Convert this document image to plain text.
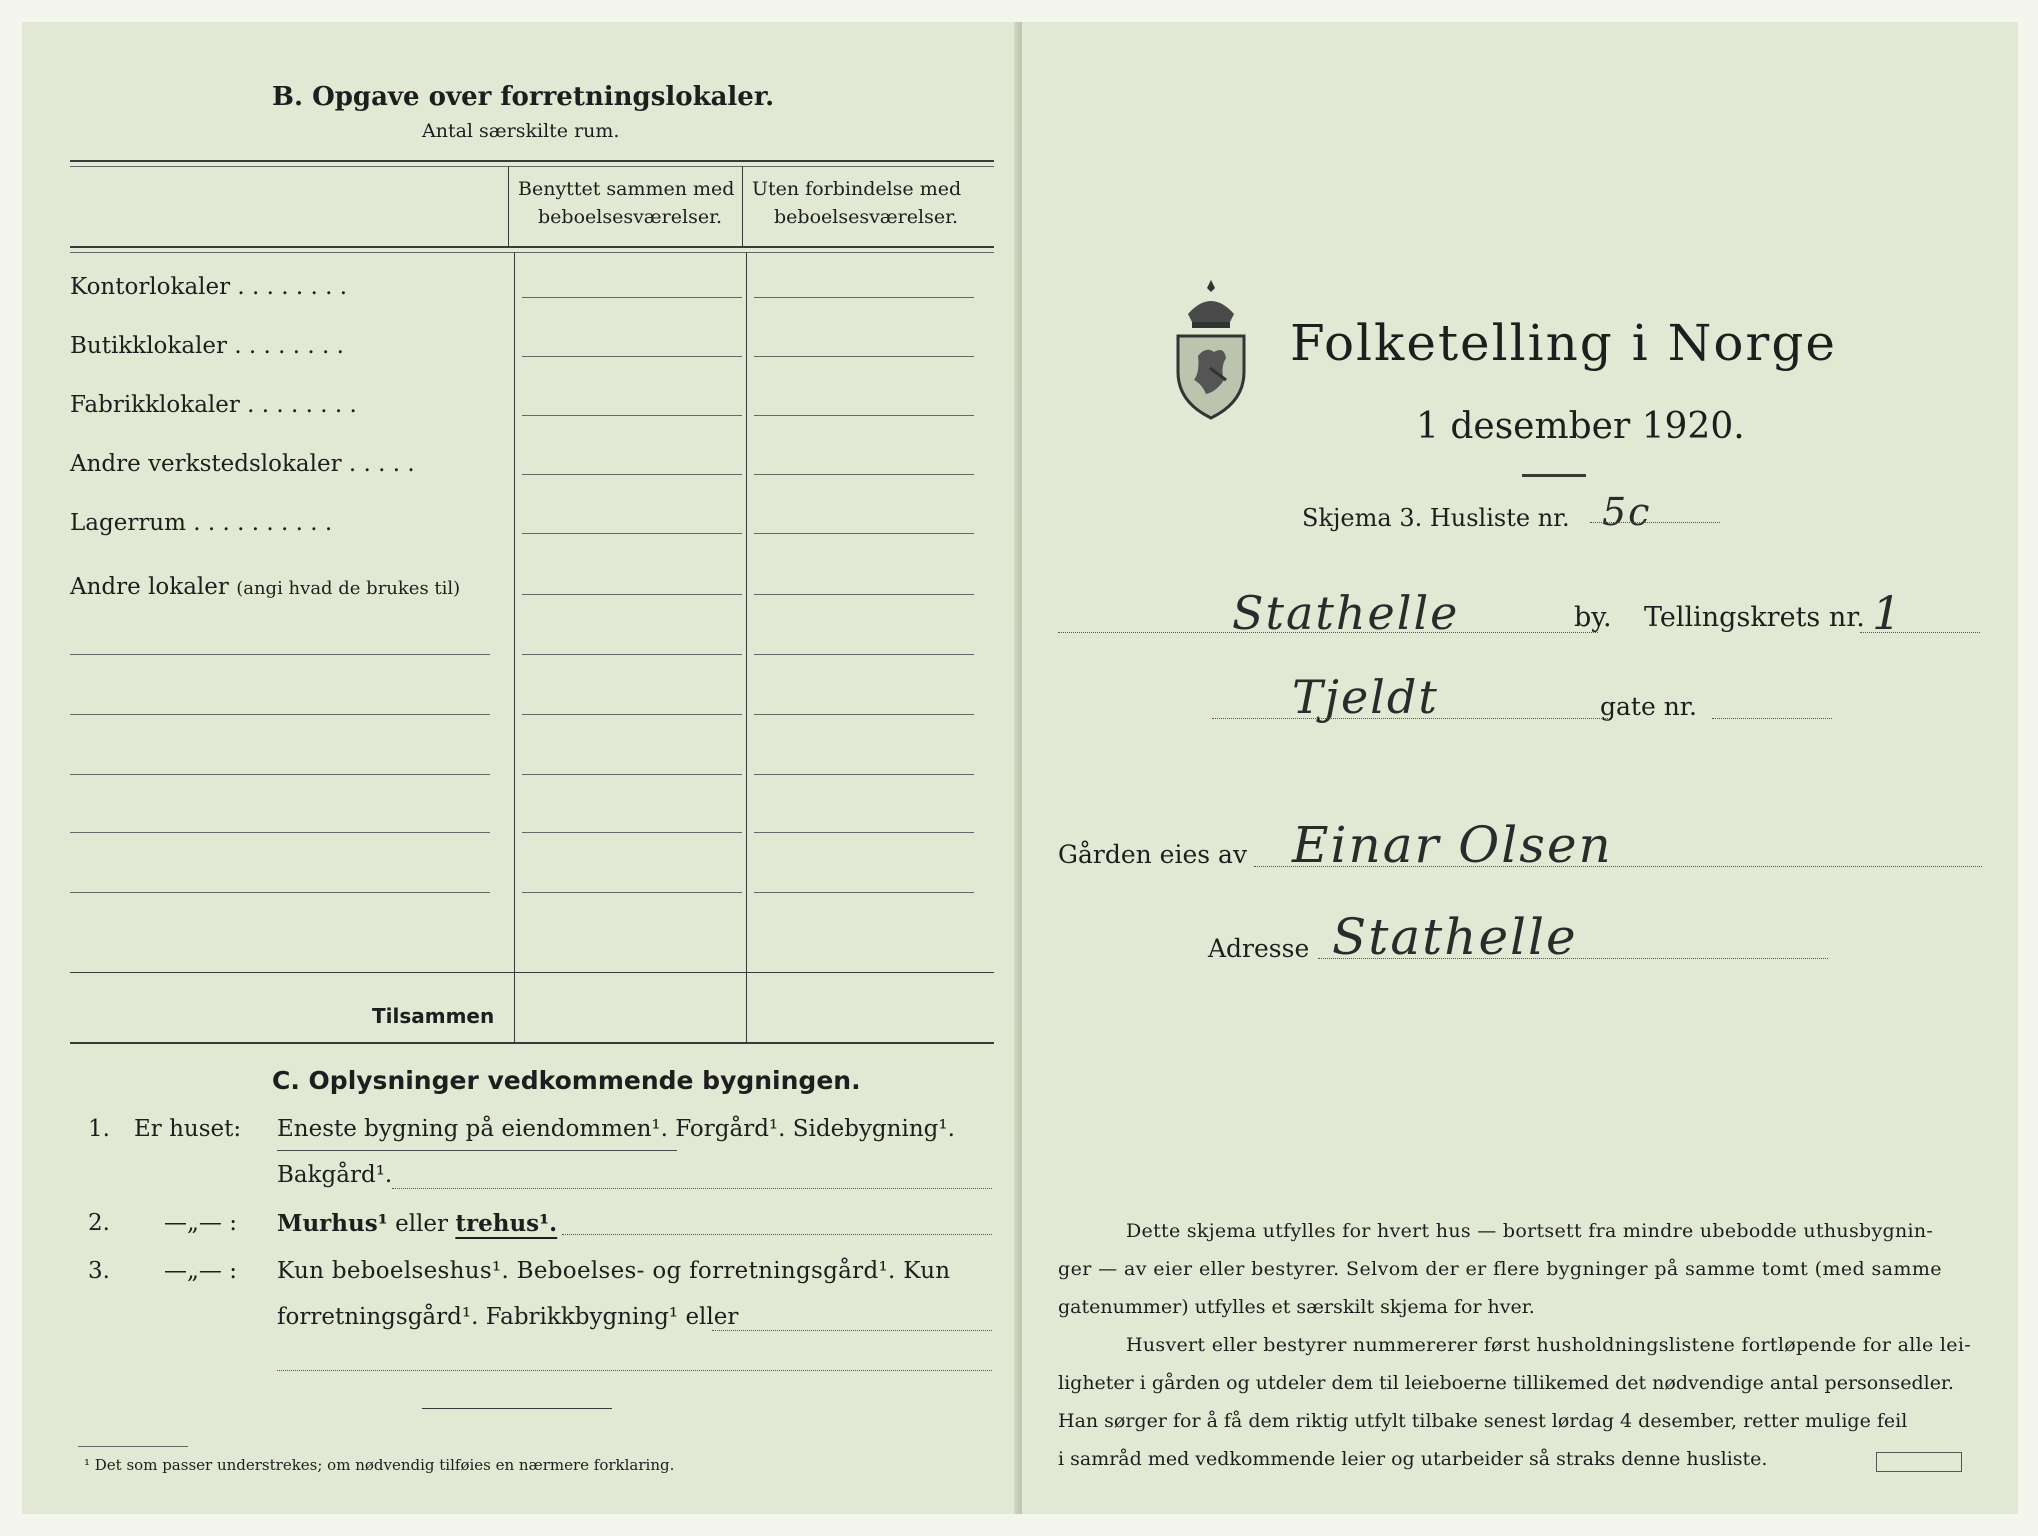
B. Opgave over forretningslokaler.
Antal særskilte rum.
Benyttet sammen med
beboelsesværelser.
Uten forbindelse med
beboelsesværelser.
Kontorlokaler . . . . . . . .
Butikklokaler . . . . . . . .
Fabrikklokaler . . . . . . . .
Andre verkstedslokaler . . . . .
Lagerrum . . . . . . . . . .
Andre lokaler (angi hvad de brukes til)
Tilsammen
C. Oplysninger vedkommende bygningen.
1. Er huset: Eneste bygning på eiendommen¹. Forgård¹. Sidebygning¹.
Bakgård¹.
2. —„— : Murhus¹ eller trehus¹.
3. —„— : Kun beboelseshus¹. Beboelses- og forretningsgård¹. Kun
forretningsgård¹. Fabrikkbygning¹ eller
¹ Det som passer understrekes; om nødvendig tilføies en nærmere forklaring.
Folketelling i Norge
1 desember 1920.
Skjema 3. Husliste nr. 5c
Stathelle	by. Tellingskrets nr. 1
Tjeldt	gate nr.
Gården eies av Einar Olsen
Adresse Stathelle
Dette skjema utfylles for hvert hus — bortsett fra mindre ubebodde uthusbygnin-
ger — av eier eller bestyrer. Selvom der er flere bygninger på samme tomt (med samme
gatenummer) utfylles et særskilt skjema for hver.
Husvert eller bestyrer nummererer først husholdningslistene fortløpende for alle lei-
ligheter i gården og utdeler dem til leieboerne tillikemed det nødvendige antal personsedler.
Han sørger for å få dem riktig utfylt tilbake senest lørdag 4 desember, retter mulige feil
i samråd med vedkommende leier og utarbeider så straks denne husliste.
